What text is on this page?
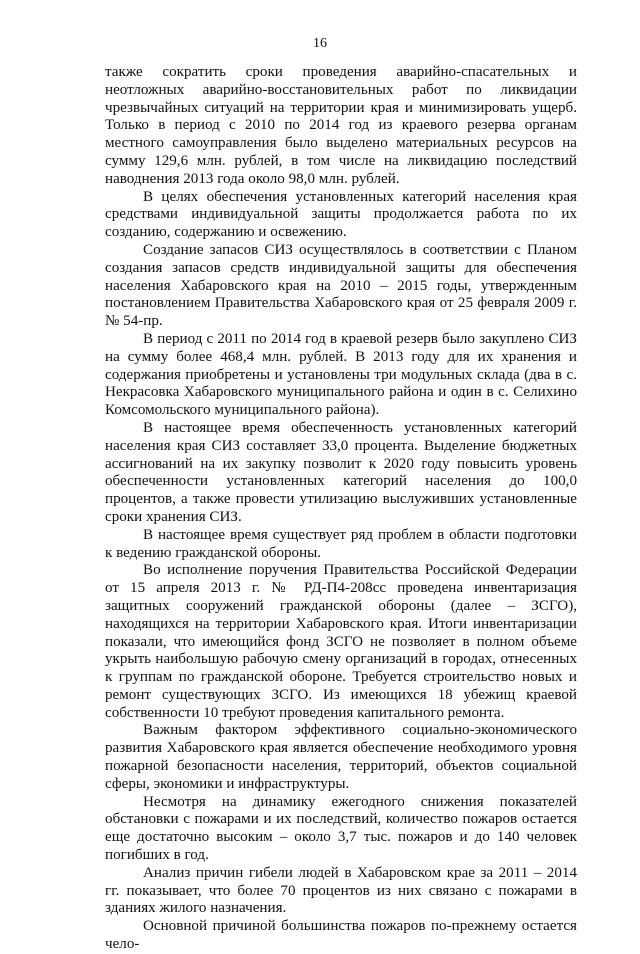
16

также сократить сроки проведения аварийно-спасательных и неотложных аварийно-восстановительных работ по ликвидации чрезвычайных ситуаций на территории края и минимизировать ущерб. Только в период с 2010 по 2014 год из краевого резерва органам местного самоуправления было выделено материальных ресурсов на сумму 129,6 млн. рублей, в том числе на ликвидацию последствий наводнения 2013 года около 98,0 млн. рублей.

В целях обеспечения установленных категорий населения края средствами индивидуальной защиты продолжается работа по их созданию, содержанию и освежению.

Создание запасов СИЗ осуществлялось в соответствии с Планом создания запасов средств индивидуальной защиты для обеспечения населения Хабаровского края на 2010 – 2015 годы, утвержденным постановлением Правительства Хабаровского края от 25 февраля 2009 г. № 54-пр.

В период с 2011 по 2014 год в краевой резерв было закуплено СИЗ на сумму более 468,4 млн. рублей. В 2013 году для их хранения и содержания приобретены и установлены три модульных склада (два в с. Некрасовка Хабаровского муниципального района и один в с. Селихино Комсомольского муниципального района).

В настоящее время обеспеченность установленных категорий населения края СИЗ составляет 33,0 процента. Выделение бюджетных ассигнований на их закупку позволит к 2020 году повысить уровень обеспеченности установленных категорий населения до 100,0 процентов, а также провести утилизацию выслуживших установленные сроки хранения СИЗ.

В настоящее время существует ряд проблем в области подготовки к ведению гражданской обороны.

Во исполнение поручения Правительства Российской Федерации от 15 апреля 2013 г. № РД-П4-208сс проведена инвентаризация защитных сооружений гражданской обороны (далее – ЗСГО), находящихся на территории Хабаровского края. Итоги инвентаризации показали, что имеющийся фонд ЗСГО не позволяет в полном объеме укрыть наибольшую рабочую смену организаций в городах, отнесенных к группам по гражданской обороне. Требуется строительство новых и ремонт существующих ЗСГО. Из имеющихся 18 убежищ краевой собственности 10 требуют проведения капитального ремонта.

Важным фактором эффективного социально-экономического развития Хабаровского края является обеспечение необходимого уровня пожарной безопасности населения, территорий, объектов социальной сферы, экономики и инфраструктуры.

Несмотря на динамику ежегодного снижения показателей обстановки с пожарами и их последствий, количество пожаров остается еще достаточно высоким – около 3,7 тыс. пожаров и до 140 человек погибших в год.

Анализ причин гибели людей в Хабаровском крае за 2011 – 2014 гг. показывает, что более 70 процентов из них связано с пожарами в зданиях жилого назначения.

Основной причиной большинства пожаров по-прежнему остается чело-
